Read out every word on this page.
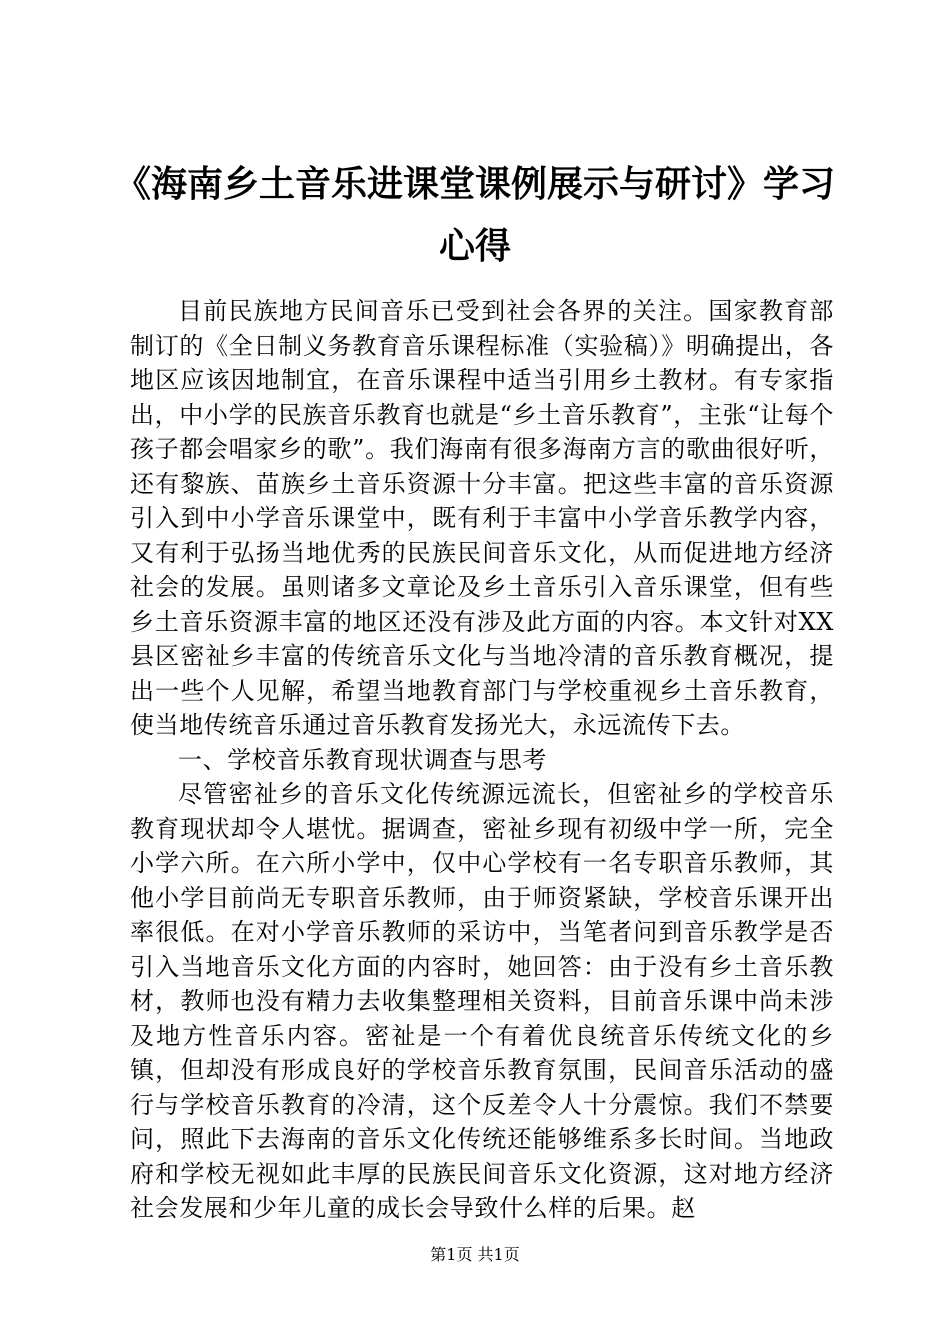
《海南乡土音乐进课堂课例展示与研讨》学习
心得

目前民族地方民间音乐已受到社会各界的关注。国家教育部制订的《全日制义务教育音乐课程标准（实验稿）》明确提出，各地区应该因地制宜，在音乐课程中适当引用乡土教材。有专家指出，中小学的民族音乐教育也就是“乡土音乐教育”，主张“让每个孩子都会唱家乡的歌”。我们海南有很多海南方言的歌曲很好听，还有黎族、苗族乡土音乐资源十分丰富。把这些丰富的音乐资源引入到中小学音乐课堂中，既有利于丰富中小学音乐教学内容，又有利于弘扬当地优秀的民族民间音乐文化，从而促进地方经济社会的发展。虽则诸多文章论及乡土音乐引入音乐课堂，但有些乡土音乐资源丰富的地区还没有涉及此方面的内容。本文针对XX县区密祉乡丰富的传统音乐文化与当地冷清的音乐教育概况，提出一些个人见解，希望当地教育部门与学校重视乡土音乐教育，使当地传统音乐通过音乐教育发扬光大，永远流传下去。

一、学校音乐教育现状调查与思考

尽管密祉乡的音乐文化传统源远流长，但密祉乡的学校音乐教育现状却令人堪忧。据调查，密祉乡现有初级中学一所，完全小学六所。在六所小学中，仅中心学校有一名专职音乐教师，其他小学目前尚无专职音乐教师，由于师资紧缺，学校音乐课开出率很低。在对小学音乐教师的采访中，当笔者问到音乐教学是否引入当地音乐文化方面的内容时，她回答：由于没有乡土音乐教材，教师也没有精力去收集整理相关资料，目前音乐课中尚未涉及地方性音乐内容。密祉是一个有着优良统音乐传统文化的乡镇，但却没有形成良好的学校音乐教育氛围，民间音乐活动的盛行与学校音乐教育的冷清，这个反差令人十分震惊。我们不禁要问，照此下去海南的音乐文化传统还能够维系多长时间。当地政府和学校无视如此丰厚的民族民间音乐文化资源，这对地方经济社会发展和少年儿童的成长会导致什么样的后果。赵

第1页 共1页
